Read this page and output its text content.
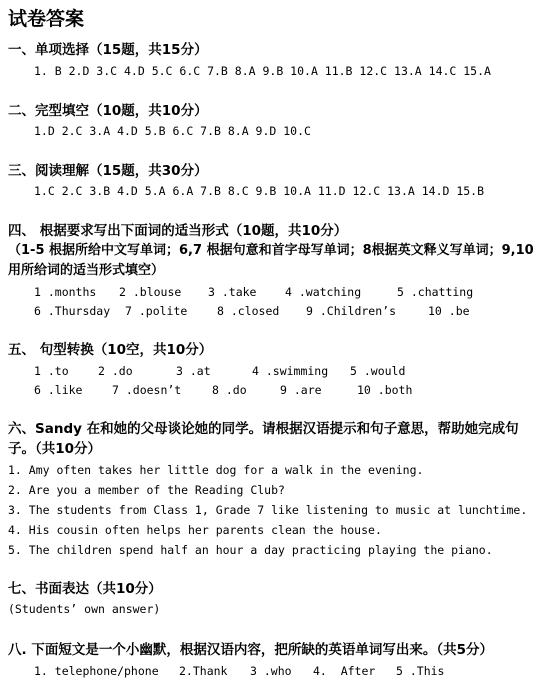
试卷答案
一、单项选择（15题，共15分）
1. B 2.D 3.C 4.D 5.C 6.C 7.B 8.A 9.B 10.A 11.B 12.C 13.A 14.C 15.A
二、完型填空（10题，共10分）
1.D 2.C 3.A 4.D 5.B 6.C 7.B 8.A 9.D 10.C
三、阅读理解（15题，共30分）
1.C 2.C 3.B 4.D 5.A 6.A 7.B 8.C 9.B 10.A 11.D 12.C 13.A 14.D 15.B
四、 根据要求写出下面词的适当形式（10题，共10分）
（1-5 根据所给中文写单词；6,7 根据句意和首字母写单词；8根据英文释义写单词；9,10用所给词的适当形式填空）
1 .months 2 .blouse 3 .take 4 .watching	5 .chatting
6 .Thursday 7 .polite	8 .closed 9 .Children’s	10 .be
五、 句型转换（10空，共10分）
1 .to	2 .do	3 .at	4 .swimming 5 .would
6 .like	7 .doesn’t	8 .do	9 .are	10 .both
六、Sandy 在和她的父母谈论她的同学。请根据汉语提示和句子意思，帮助她完成句子。（共10分）
1. Amy often takes her little dog for a walk in the evening.
2. Are you a member of the Reading Club?
3. The students from Class 1, Grade 7 like listening to music at lunchtime.
4. His cousin often helps her parents clean the house.
5. The children spend half an hour a day practicing playing the piano.
七、书面表达（共10分）
(Students’ own answer)
八. 下面短文是一个小幽默，根据汉语内容，把所缺的英语单词写出来。（共5分）
1. telephone/phone 2.Thank 3 .who 4.  After 5 .This
